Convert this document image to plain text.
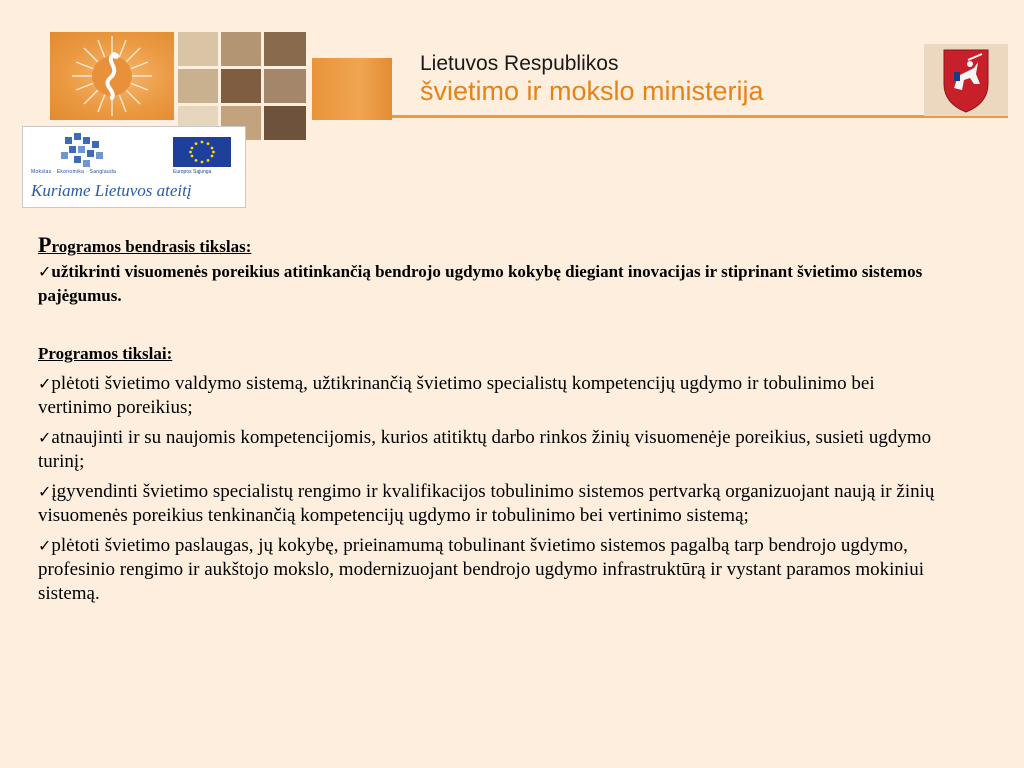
Lietuvos Respublikos
švietimo ir mokslo ministerija
Mokslas · Ekonomika · Sanglauda	Europos Sąjunga
Kuriame Lietuvos ateitį
Programos bendrasis tikslas:
✓užtikrinti visuomenės poreikius atitinkančią bendrojo ugdymo kokybę diegiant inovacijas ir stiprinant švietimo sistemos pajėgumus.
Programos tikslai:
✓plėtoti švietimo valdymo sistemą, užtikrinančią švietimo specialistų kompetencijų ugdymo ir tobulinimo bei vertinimo poreikius;
✓atnaujinti ir su naujomis kompetencijomis, kurios atitiktų darbo rinkos žinių visuomenėje poreikius, susieti ugdymo turinį;
✓įgyvendinti švietimo specialistų rengimo ir kvalifikacijos tobulinimo sistemos pertvarką organizuojant naują ir žinių visuomenės poreikius tenkinančią kompetencijų ugdymo ir tobulinimo bei vertinimo sistemą;
✓plėtoti švietimo paslaugas, jų kokybę, prieinamumą tobulinant švietimo sistemos pagalbą tarp bendrojo ugdymo, profesinio rengimo ir aukštojo mokslo, modernizuojant bendrojo ugdymo infrastruktūrą ir vystant paramos mokiniui sistemą.
